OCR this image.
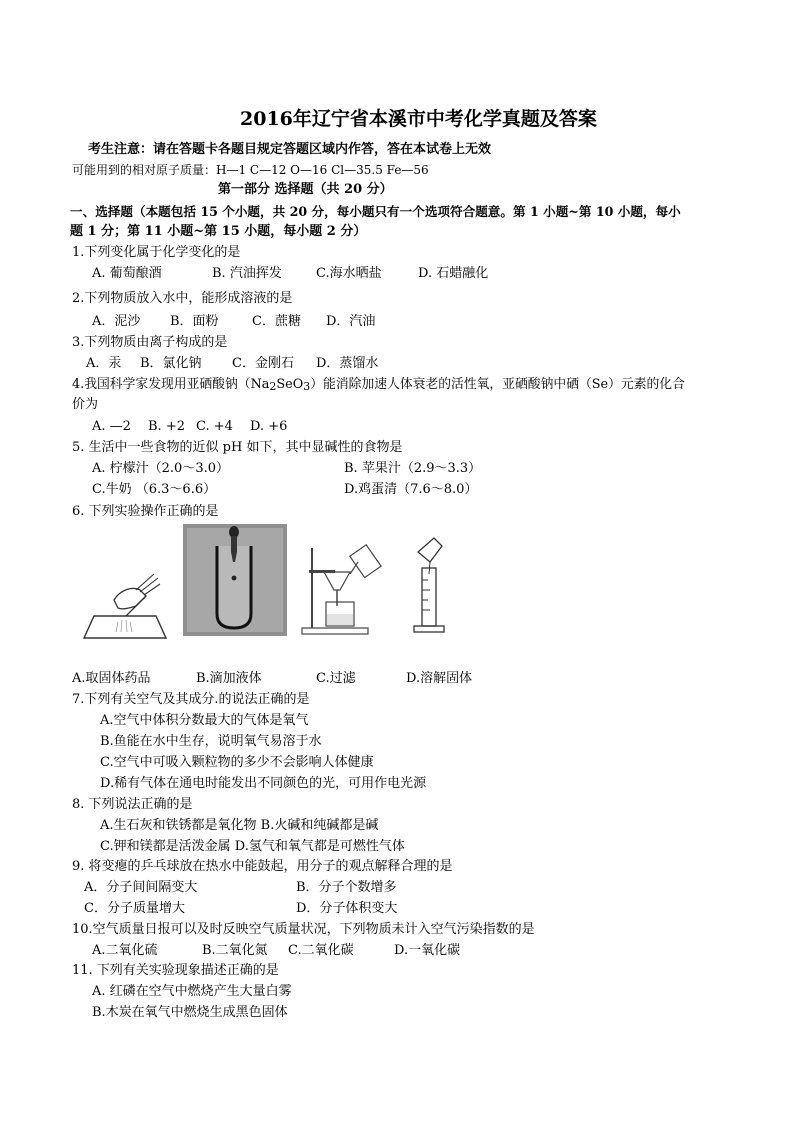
2016年辽宁省本溪市中考化学真题及答案
考生注意：请在答题卡各题目规定答题区域内作答，答在本试卷上无效
可能用到的相对原子质量：H—1 C—12 O—16 Cl—35.5 Fe—56
第一部分 选择题（共 20 分）
一、选择题（本题包括 15 个小题，共 20 分，每小题只有一个选项符合题意。第 1 小题~第 10 小题，每小
题 1 分；第 11 小题~第 15 小题，每小题 2 分）
1.下列变化属于化学变化的是
A. 葡萄酿酒	B. 汽油挥发	C.海水晒盐	D. 石蜡融化
2.下列物质放入水中，能形成溶液的是
A．泥沙 B．面粉	C．蔗糖 D．汽油
3.下列物质由离子构成的是
A．汞 B．氯化钠 C．金刚石 D．蒸馏水
4.我国科学家发现用亚硒酸钠（Na2SeO3）能消除加速人体衰老的活性氧，亚硒酸钠中硒（Se）元素的化合
价为
A. —2 B. +2 C. +4 D. +6
5. 生活中一些食物的近似 pH 如下，其中显碱性的食物是
A. 柠檬汁（2.0～3.0）	B. 苹果汁（2.9～3.3）
C.牛奶 （6.3～6.6）	D.鸡蛋清（7.6～8.0）
6. 下列实验操作正确的是
A.取固体药品	B.滴加液体	C.过滤	D.溶解固体
7.下列有关空气及其成分.的说法正确的是
A.空气中体积分数最大的气体是氧气
B.鱼能在水中生存，说明氧气易溶于水
C.空气中可吸入颗粒物的多少不会影响人体健康
D.稀有气体在通电时能发出不同颜色的光，可用作电光源
8. 下列说法正确的是
A.生石灰和铁锈都是氧化物 B.火碱和纯碱都是碱
C.钾和镁都是活泼金属 D.氢气和氧气都是可燃性气体
9. 将变瘪的乒乓球放在热水中能鼓起，用分子的观点解释合理的是
A．分子间间隔变大	B．分子个数增多
C．分子质量增大	D．分子体积变大
10.空气质量日报可以及时反映空气质量状况，下列物质未计入空气污染指数的是
A.二氧化硫	B.二氧化氮 C.二氧化碳	D.一氧化碳
11. 下列有关实验现象描述正确的是
A. 红磷在空气中燃烧产生大量白雾
B.木炭在氧气中燃烧生成黑色固体
